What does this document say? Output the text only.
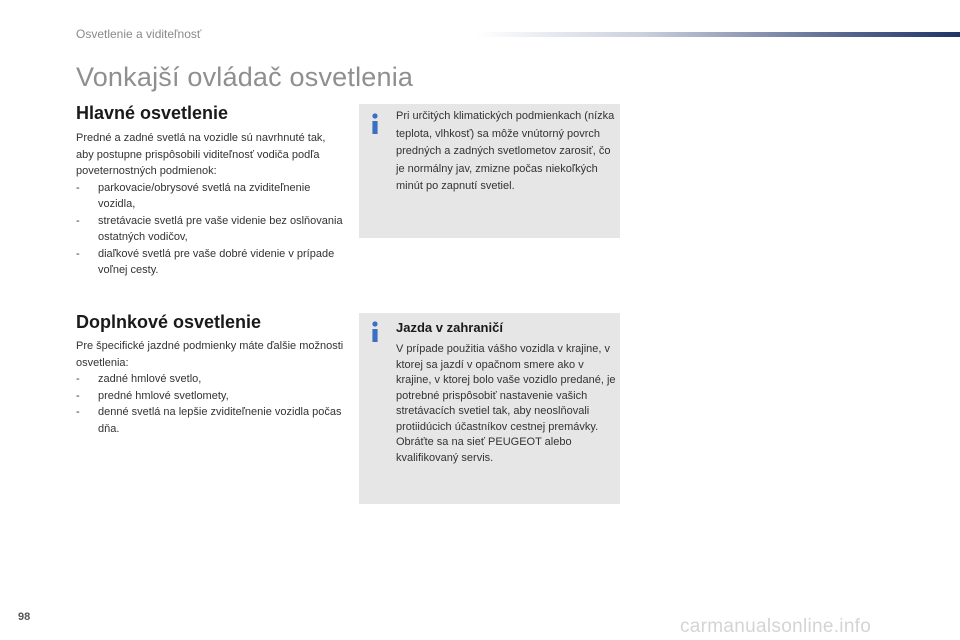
Osvetlenie a viditeľnosť
Vonkajší ovládač osvetlenia
Hlavné osvetlenie
Predné a zadné svetlá na vozidle sú navrhnuté tak, aby postupne prispôsobili viditeľnosť vodiča podľa poveternostných podmienok:
- parkovacie/obrysové svetlá na zviditeľnenie vozidla,
- stretávacie svetlá pre vaše videnie bez oslňovania ostatných vodičov,
- diaľkové svetlá pre vaše dobré videnie v prípade voľnej cesty.
Doplnkové osvetlenie
Pre špecifické jazdné podmienky máte ďalšie možnosti osvetlenia:
- zadné hmlové svetlo,
- predné hmlové svetlomety,
- denné svetlá na lepšie zviditeľnenie vozidla počas dňa.
Pri určitých klimatických podmienkach (nízka teplota, vlhkosť) sa môže vnútorný povrch predných a zadných svetlometov zarosiť, čo je normálny jav, zmizne počas niekoľkých minút po zapnutí svetiel.
Jazda v zahraničí
V prípade použitia vášho vozidla v krajine, v ktorej sa jazdí v opačnom smere ako v krajine, v ktorej bolo vaše vozidlo predané, je potrebné prispôsobiť nastavenie vašich stretávacích svetiel tak, aby neoslňovali protiidúcich účastníkov cestnej premávky.
Obráťte sa na sieť PEUGEOT alebo kvalifikovaný servis.
98	carmanualsonline.info
